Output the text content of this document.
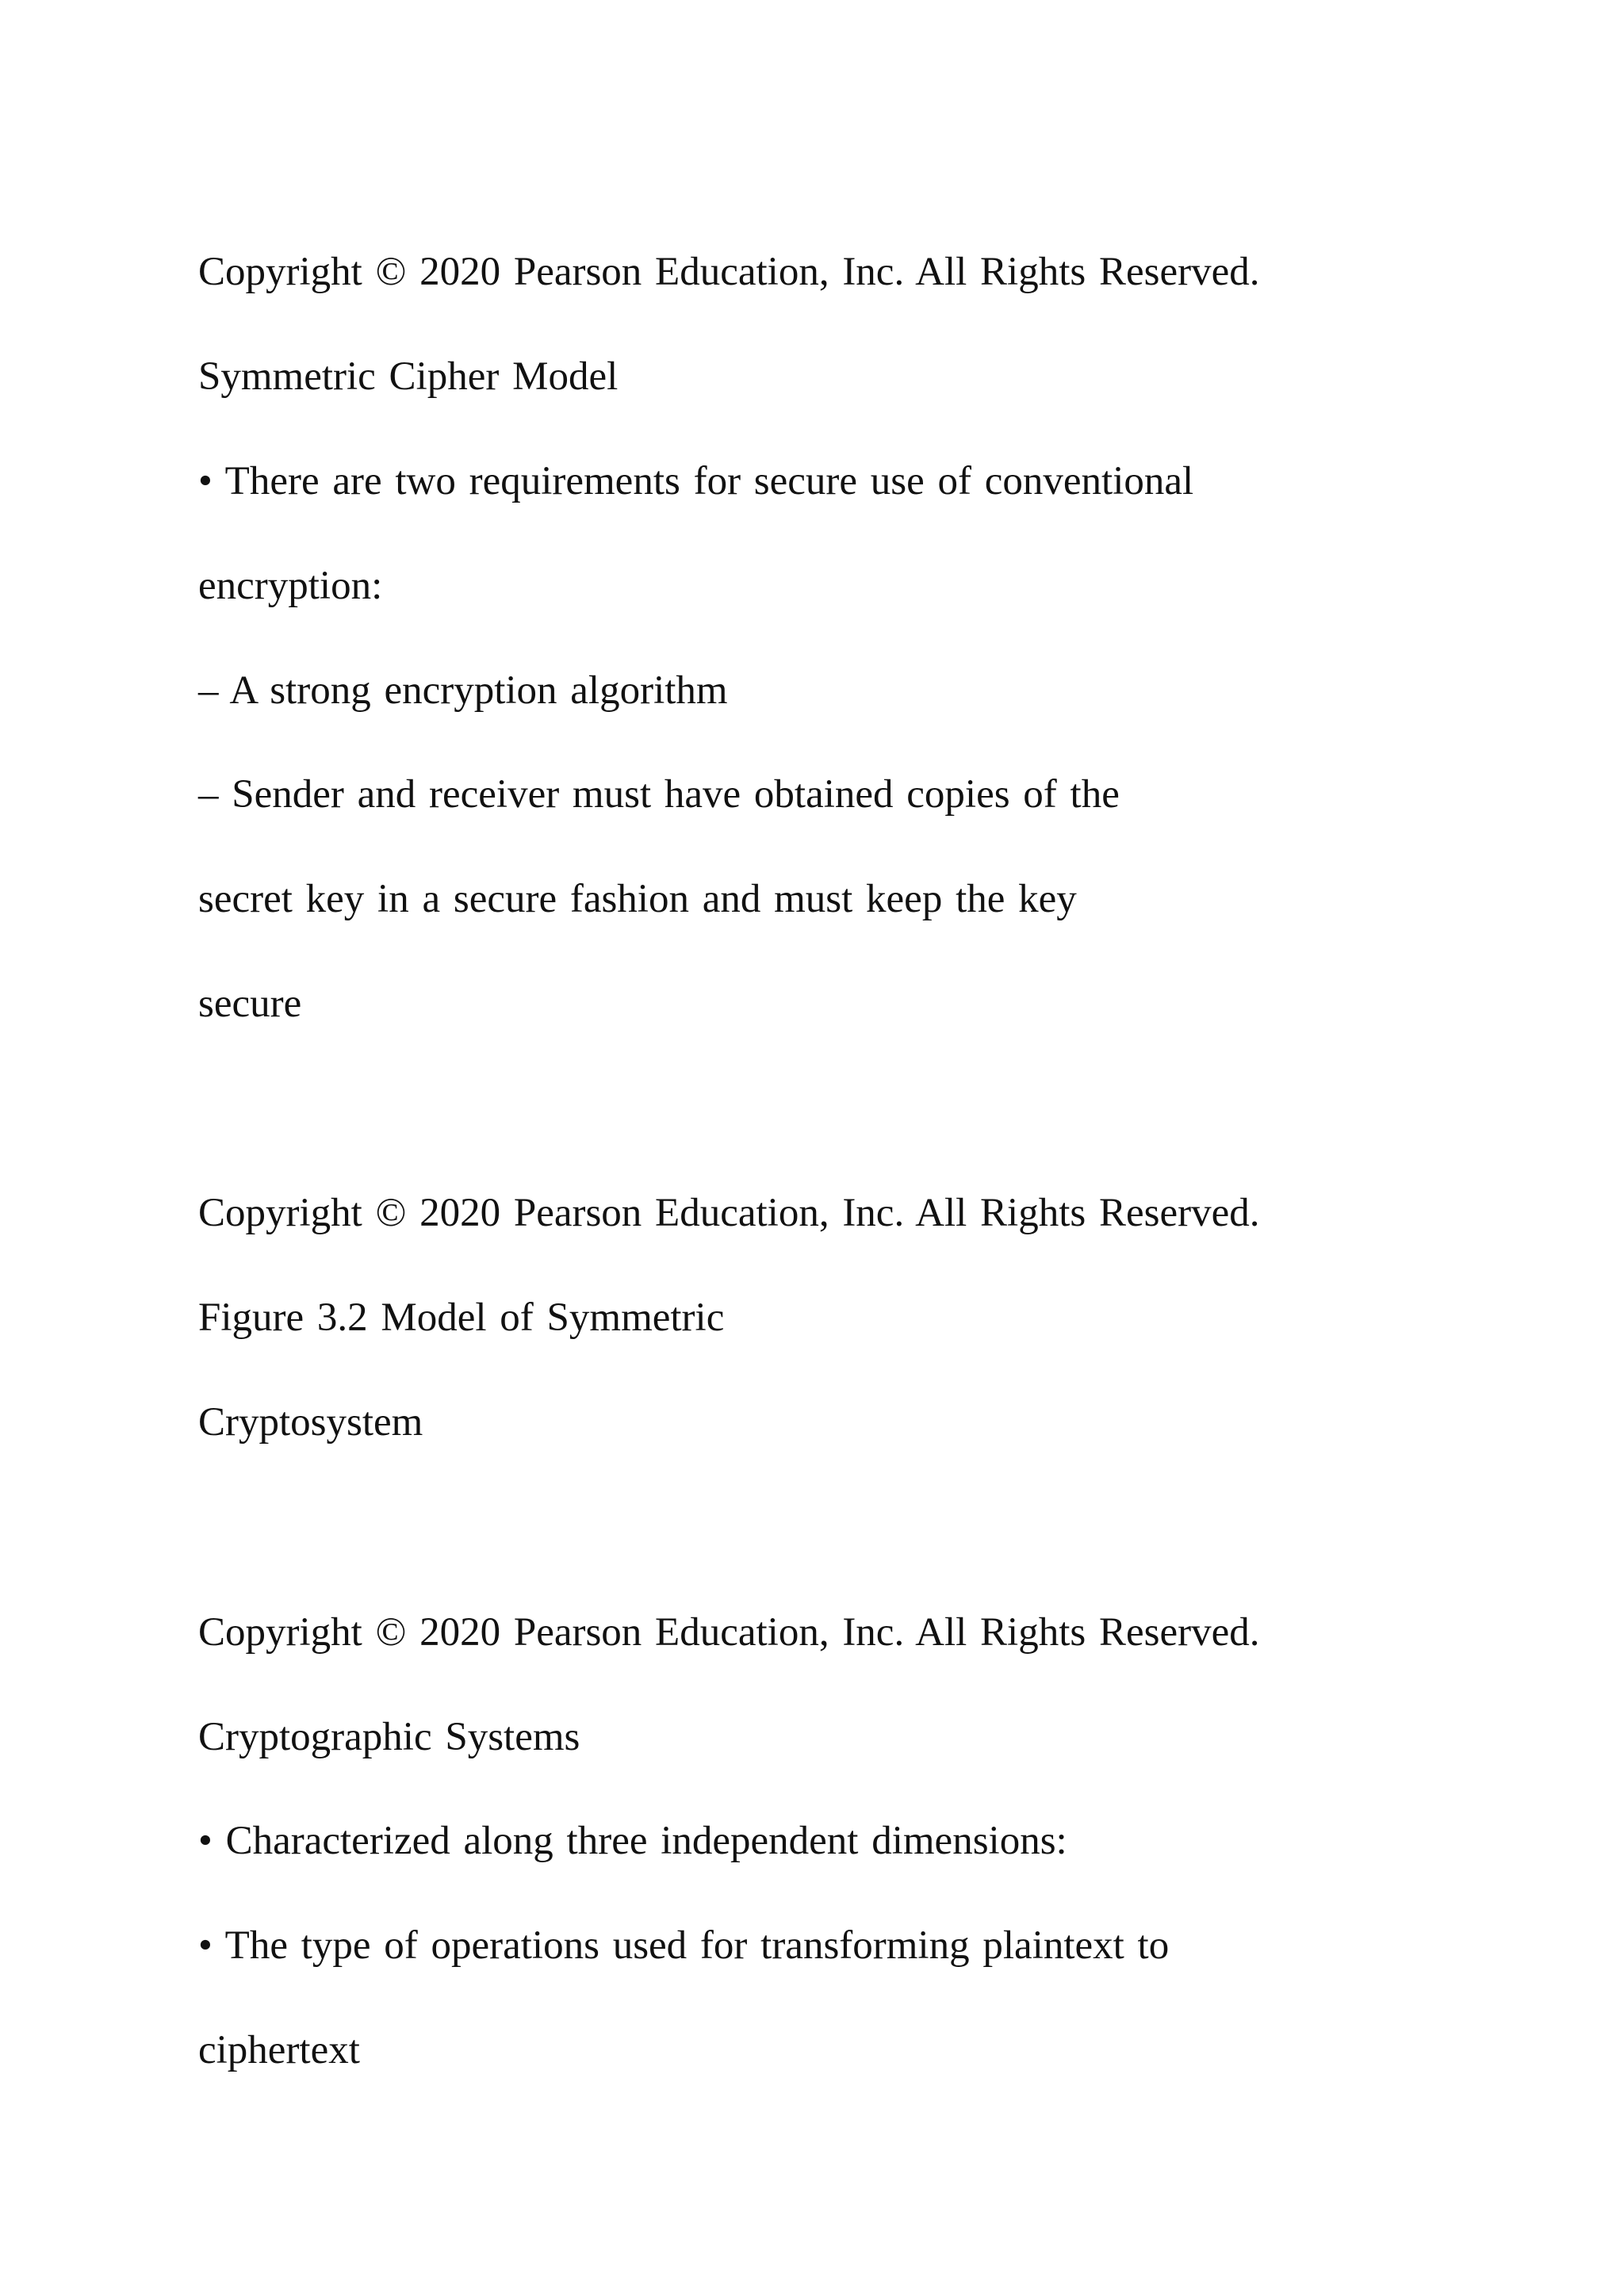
Copyright © 2020 Pearson Education, Inc. All Rights Reserved.

Symmetric Cipher Model

• There are two requirements for secure use of conventional

encryption:

– A strong encryption algorithm

– Sender and receiver must have obtained copies of the

secret key in a secure fashion and must keep the key

secure

Copyright © 2020 Pearson Education, Inc. All Rights Reserved.

Figure 3.2 Model of Symmetric

Cryptosystem

Copyright © 2020 Pearson Education, Inc. All Rights Reserved.

Cryptographic Systems

• Characterized along three independent dimensions:

• The type of operations used for transforming plaintext to

ciphertext
